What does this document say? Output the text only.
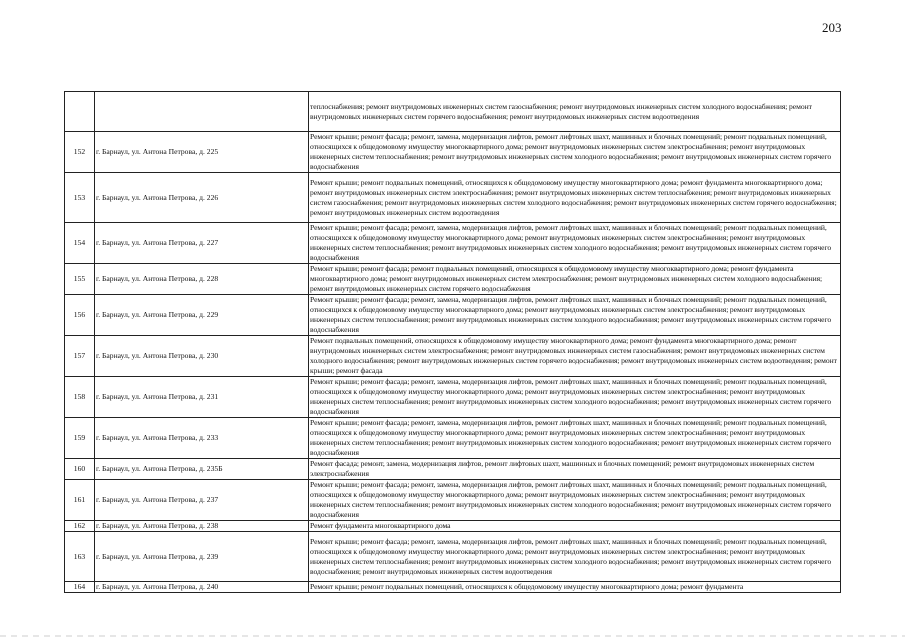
203
		теплоснабжения; ремонт внутридомовых инженерных систем газоснабжения; ремонт внутридомовых инженерных систем холодного водоснабжения; ремонт внутридомовых инженерных систем горячего водоснабжения; ремонт внутридомовых инженерных систем водоотведения
152	г. Барнаул, ул. Антона Петрова, д. 225	Ремонт крыши; ремонт фасада; ремонт, замена, модернизация лифтов, ремонт лифтовых шахт, машинных и блочных помещений; ремонт подвальных помещений, относящихся к общедомовому имуществу многоквартирного дома; ремонт внутридомовых инженерных систем электроснабжения; ремонт внутридомовых инженерных систем теплоснабжения; ремонт внутридомовых инженерных систем холодного водоснабжения; ремонт внутридомовых инженерных систем горячего водоснабжения
153	г. Барнаул, ул. Антона Петрова, д. 226	Ремонт крыши; ремонт подвальных помещений, относящихся к общедомовому имуществу многоквартирного дома; ремонт фундамента многоквартирного дома; ремонт внутридомовых инженерных систем электроснабжения; ремонт внутридомовых инженерных систем теплоснабжения; ремонт внутридомовых инженерных систем газоснабжения; ремонт внутридомовых инженерных систем холодного водоснабжения; ремонт внутридомовых инженерных систем горячего водоснабжения; ремонт внутридомовых инженерных систем водоотведения
154	г. Барнаул, ул. Антона Петрова, д. 227	Ремонт крыши; ремонт фасада; ремонт, замена, модернизация лифтов, ремонт лифтовых шахт, машинных и блочных помещений; ремонт подвальных помещений, относящихся к общедомовому имуществу многоквартирного дома; ремонт внутридомовых инженерных систем электроснабжения; ремонт внутридомовых инженерных систем теплоснабжения; ремонт внутридомовых инженерных систем холодного водоснабжения; ремонт внутридомовых инженерных систем горячего водоснабжения
155	г. Барнаул, ул. Антона Петрова, д. 228	Ремонт крыши; ремонт фасада; ремонт подвальных помещений, относящихся к общедомовому имуществу многоквартирного дома; ремонт фундамента многоквартирного дома; ремонт внутридомовых инженерных систем электроснабжения; ремонт внутридомовых инженерных систем холодного водоснабжения; ремонт внутридомовых инженерных систем горячего водоснабжения
156	г. Барнаул, ул. Антона Петрова, д. 229	Ремонт крыши; ремонт фасада; ремонт, замена, модернизация лифтов, ремонт лифтовых шахт, машинных и блочных помещений; ремонт подвальных помещений, относящихся к общедомовому имуществу многоквартирного дома; ремонт внутридомовых инженерных систем электроснабжения; ремонт внутридомовых инженерных систем теплоснабжения; ремонт внутридомовых инженерных систем холодного водоснабжения; ремонт внутридомовых инженерных систем горячего водоснабжения
157	г. Барнаул, ул. Антона Петрова, д. 230	Ремонт подвальных помещений, относящихся к общедомовому имуществу многоквартирного дома; ремонт фундамента многоквартирного дома; ремонт внутридомовых инженерных систем электроснабжения; ремонт внутридомовых инженерных систем газоснабжения; ремонт внутридомовых инженерных систем холодного водоснабжения; ремонт внутридомовых инженерных систем горячего водоснабжения; ремонт внутридомовых инженерных систем водоотведения; ремонт крыши; ремонт фасада
158	г. Барнаул, ул. Антона Петрова, д. 231	Ремонт крыши; ремонт фасада; ремонт, замена, модернизация лифтов, ремонт лифтовых шахт, машинных и блочных помещений; ремонт подвальных помещений, относящихся к общедомовому имуществу многоквартирного дома; ремонт внутридомовых инженерных систем электроснабжения; ремонт внутридомовых инженерных систем теплоснабжения; ремонт внутридомовых инженерных систем холодного водоснабжения; ремонт внутридомовых инженерных систем горячего водоснабжения
159	г. Барнаул, ул. Антона Петрова, д. 233	Ремонт крыши; ремонт фасада; ремонт, замена, модернизация лифтов, ремонт лифтовых шахт, машинных и блочных помещений; ремонт подвальных помещений, относящихся к общедомовому имуществу многоквартирного дома; ремонт внутридомовых инженерных систем электроснабжения; ремонт внутридомовых инженерных систем теплоснабжения; ремонт внутридомовых инженерных систем холодного водоснабжения; ремонт внутридомовых инженерных систем горячего водоснабжения
160	г. Барнаул, ул. Антона Петрова, д. 235Б	Ремонт фасада; ремонт, замена, модернизация лифтов, ремонт лифтовых шахт, машинных и блочных помещений; ремонт внутридомовых инженерных систем электроснабжения
161	г. Барнаул, ул. Антона Петрова, д. 237	Ремонт крыши; ремонт фасада; ремонт, замена, модернизация лифтов, ремонт лифтовых шахт, машинных и блочных помещений; ремонт подвальных помещений, относящихся к общедомовому имуществу многоквартирного дома; ремонт внутридомовых инженерных систем электроснабжения; ремонт внутридомовых инженерных систем теплоснабжения; ремонт внутридомовых инженерных систем холодного водоснабжения; ремонт внутридомовых инженерных систем горячего водоснабжения
162	г. Барнаул, ул. Антона Петрова, д. 238	Ремонт фундамента многоквартирного дома
163	г. Барнаул, ул. Антона Петрова, д. 239	Ремонт крыши; ремонт фасада; ремонт, замена, модернизация лифтов, ремонт лифтовых шахт, машинных и блочных помещений; ремонт подвальных помещений, относящихся к общедомовому имуществу многоквартирного дома; ремонт внутридомовых инженерных систем электроснабжения; ремонт внутридомовых инженерных систем теплоснабжения; ремонт внутридомовых инженерных систем холодного водоснабжения; ремонт внутридомовых инженерных систем горячего водоснабжения; ремонт внутридомовых инженерных систем водоотведения
164	г. Барнаул, ул. Антона Петрова, д. 240	Ремонт крыши; ремонт подвальных помещений, относящихся к общедомовому имуществу многоквартирного дома; ремонт фундамента
